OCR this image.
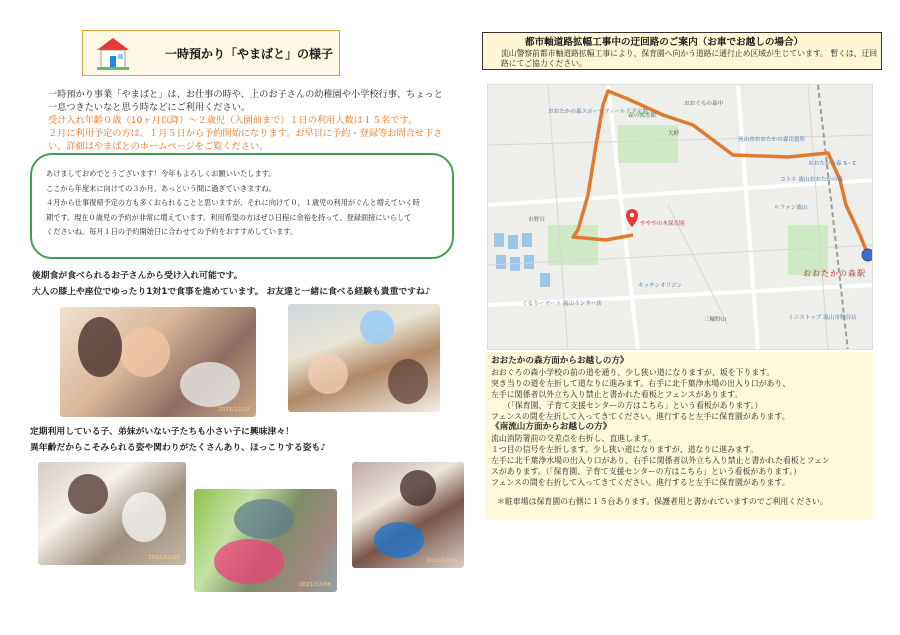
一時預かり「やまばと」の様子

一時預かり事業「やまばと」は、お仕事の時や、上のお子さんの幼稚園や小学校行事、ちょっと一息つきたいなと思う時などにご利用ください。

受け入れ年齢０歳（10ヶ月以降）～２歳児（入園前まで）１日の利用人数は１５名です。

２月に利用予定の方は、１月５日から予約開始になります。お早目に予約・登録等お問合せ下さい。詳細はやまばとのホームページをご覧ください。

あけましておめでとうございます！今年もよろしくお願いいたします。

ここから年度末に向けての３か月、あっという間に過ぎていきますね。

４月から仕事復帰予定の方も多くおられることと思いますが、それに向けて０，１歳児の利用がぐんと増えていく時

期です。現在０歳児の予約が非常に増えています。利用希望の方はぜひ日程に余裕を持って、登録面接にいらして

くださいね。毎月１日の予約開始日に合わせての予約をおすすめしています。

後期食が食べられるお子さんから受け入れ可能です。

大人の膝上や座位でゆったり1対1で食事を進めています。 お友達と一緒に食べる経験も貴重ですね♪

2021/12/22

定期利用している子、弟妹がいない子たちも小さい子に興味津々！

異年齢だからこそみられる姿や関わりがたくさんあり、ほっこりする姿も♪

2021/12/09
2021/12/08
2021/12/01
都市軸道路拡幅工事中の迂回路のご案内（お車でお越しの場合）
流山警察前都市軸道路拡幅工事により、保育園へ向かう道路に通行止め区域が生じています。 暫くは、迂回路にてご協力ください。
おおたかの森スポーツフィールド予定地
森の図書館
おおぐろの森中
大畔
流山市おおたかの森出張所
コトエ 流山おおたかの森
おおたかの森 S・C
やややの木保育園
市野谷
ぐるりーマート 流山インター店
三輪野山
ルファン流山
ミニストップ 流山市野谷店
キッチンオリジン
おおたかの森駅

おおたかの森方面からお越しの方》

おおぐろの森小学校の前の道を通り、少し狭い道になりますが、坂を下ります。

突き当りの道を左折して道なりに進みます。右手に北千葉浄水場の出入り口があり、

左手に関係者以外立ち入り禁止と書かれた看板とフェンスがあります。

（「保育園、子育て支援センターの方はこちら」という看板があります。）

フェンスの間を左折して入ってきてください。進行すると左手に保育園があります。

《南流山方面からお越しの方》

流山消防署前の交差点を右折し、直進します。

１つ目の信号を左折します。少し狭い道になりますが、道なりに進みます。

左手に北千葉浄水場の出入り口があり、右手に関係者以外立ち入り禁止と書かれた看板とフェン

スがあります。（「保育園、子育て支援センターの方はこちら」という看板があります。）

フェンスの間を右折して入ってきてください。進行すると左手に保育園があります。

＊駐車場は保育園の右側に１５台あります。保護者用と書かれていますのでご利用ください。
